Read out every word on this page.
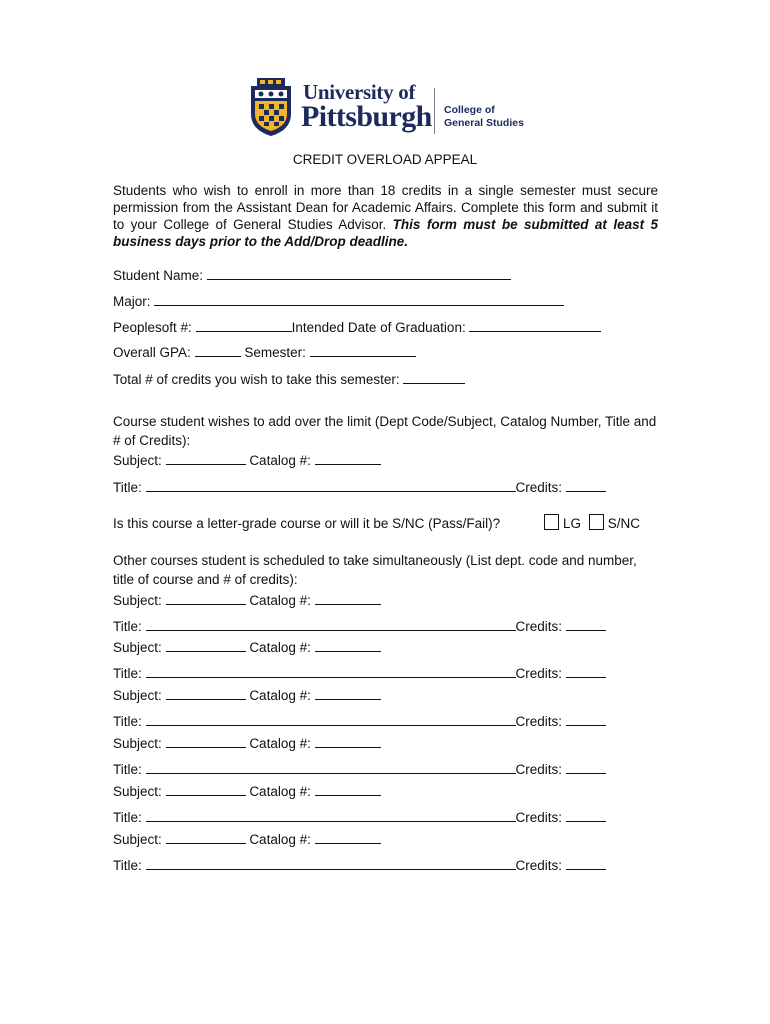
University of
Pittsburgh College of
General Studies
CREDIT OVERLOAD APPEAL
Students who wish to enroll in more than 18 credits in a single semester must secure permission from the Assistant Dean for Academic Affairs. Complete this form and submit it to your College of General Studies Advisor. This form must be submitted at least 5 business days prior to the Add/Drop deadline.
Student Name:
Major:
Peoplesoft #:	Intended Date of Graduation:
Overall GPA:	Semester:
Total # of credits you wish to take this semester:
Course student wishes to add over the limit (Dept Code/Subject, Catalog Number, Title and # of Credits):
Subject:	Catalog #:
Title:	Credits:
Is this course a letter-grade course or will it be S/NC (Pass/Fail)?	LG S/NC
Other courses student is scheduled to take simultaneously (List dept. code and number, title of course and # of credits):
Subject:	Catalog #:
Title:	Credits:
Subject:	Catalog #:
Title:	Credits:
Subject:	Catalog #:
Title:	Credits:
Subject:	Catalog #:
Title:	Credits:
Subject:	Catalog #:
Title:	Credits:
Subject:	Catalog #:
Title:	Credits:
